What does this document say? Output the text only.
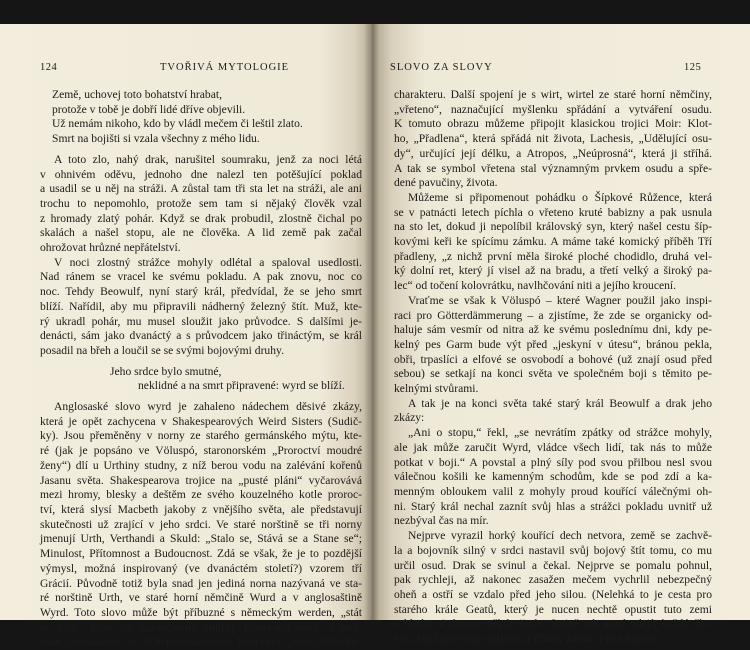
124	TVOŘIVÁ MYTOLOGIE
Země, uchovej toto bohatství hrabat,
protože v tobě je dobří lidé dříve objevili.
Už nemám nikoho, kdo by vládl mečem či leštil zlato.
Smrt na bojišti si vzala všechny z mého lidu.
A toto zlo, nahý drak, narušitel soumraku, jenž za noci létá
v ohnivém oděvu, jednoho dne nalezl ten potěšující poklad
a usadil se u něj na stráži. A zůstal tam tři sta let na stráži, ale ani
trochu to nepomohlo, protože sem tam si nějaký člověk vzal
z hromady zlatý pohár. Když se drak probudil, zlostně čichal po
skalách a našel stopu, ale ne člověka. A lid země pak začal
ohrožovat hrůzné nepřátelství.
V noci zlostný strážce mohyly odlétal a spaloval usedlosti.
Nad ránem se vracel ke svému pokladu. A pak znovu, noc co
noc. Tehdy Beowulf, nyní starý král, předvídal, že se jeho smrt
blíží. Nařídil, aby mu připravili nádherný železný štít. Muž, kte-
rý ukradl pohár, mu musel sloužit jako průvodce. S dalšími je-
denácti, sám jako dvanáctý a s průvodcem jako třináctým, se král
posadil na břeh a loučil se se svými bojovými druhy.
Jeho srdce bylo smutné,
neklidné a na smrt připravené: wyrd se blíží.
Anglosaské slovo wyrd je zahaleno nádechem děsivé zkázy,
která je opět zachycena v Shakespearových Weird Sisters (Sudič-
ky). Jsou přeměněny v norny ze starého germánského mýtu, kte-
ré (jak je popsáno ve Völuspó, staronorském „Proroctví moudré
ženy“) dlí u Urthiny studny, z níž berou vodu na zalévání kořenů
Jasanu světa. Shakespearova trojice na „pusté pláni“ vyčarovává
mezi hromy, blesky a deštěm ze svého kouzelného kotle proroc-
tví, která slysí Macbeth jakoby z vnějšího světa, ale představují
skutečnosti už zrající v jeho srdci. Ve staré norštině se tři norny
jmenují Urth, Verthandi a Skuld: „Stalo se, Stává se a Stane se“;
Minulost, Přítomnost a Budoucnost. Zdá se však, že je to pozdější
výmysl, možná inspirovaný (ve dvanáctém století?) vzorem tří
Grácií. Původně totiž byla snad jen jediná norna nazývaná ve sta-
ré norštině Urth, ve staré horní němčině Wurd a v anglosaštině
Wyrd. Toto slovo může být příbuzné s německým werden, „stát
se, růst“, které by naznačovalo vnitřní, inherentní osud, v pod-
statě srovnatelný se Schopenhauerovou koncepcí „inteligibilního“
SLOVO ZA SLOVY	125
charakteru. Další spojení je s wirt, wirtel ze staré horní němčiny,
„vřeteno“, naznačující myšlenku spřádání a vytváření osudu.
K tomuto obrazu můžeme připojit klasickou trojici Moir: Klot-
ho, „Přadlena“, která spřádá nit života, Lachesis, „Udělující osu-
dy“, určující její délku, a Atropos, „Neúprosná“, která ji stříhá.
A tak se symbol vřetena stal významným prvkem osudu a spře-
dené pavučiny, života.
Můžeme si připomenout pohádku o Šípkové Růžence, která
se v patnácti letech píchla o vřeteno kruté babizny a pak usnula
na sto let, dokud ji nepolíbil královský syn, který našel cestu šíp-
kovými keři ke spícímu zámku. A máme také komický příběh Tří
přadleny, „z nichž první měla široké ploché chodidlo, druhá vel-
ký dolní ret, který jí visel až na bradu, a třetí velký a široký pa-
lec“ od točení kolovrátku, navlhčování niti a jejího kroucení.
Vraťme se však k Völuspó – které Wagner použil jako inspi-
raci pro Götterdämmerung – a zjistíme, že zde se organicky od-
haluje sám vesmír od nitra až ke svému poslednímu dni, kdy pe-
kelný pes Garm bude výt před „jeskyní v útesu“, bránou pekla,
obři, trpaslíci a elfové se osvobodí a bohové (už znají osud před
sebou) se setkají na konci světa ve společném boji s těmito pe-
kelnými stvůrami.
A tak je na konci světa také starý král Beowulf a drak jeho
zkázy:
„Ani o stopu,“ řekl, „se nevrátím zpátky od strážce mohyly,
ale jak může zaručit Wyrd, vládce všech lidí, tak nás to může
potkat v boji.“ A povstal a plný síly pod svou přilbou nesl svou
válečnou košili ke kamenným schodům, kde se pod zdí a ka-
menným obloukem valil z mohyly proud kouřící válečnými oh-
ni. Starý král nechal zaznít svůj hlas a strážci pokladu uvnitř už
nezbýval čas na mír.
Nejprve vyrazil horký kouřící dech netvora, země se zachvě-
la a bojovník silný v srdci nastavil svůj bojový štít tomu, co mu
určil osud. Drak se svinul a čekal. Nejprve se pomalu pohnul,
pak rychleji, až nakonec zasažen mečem vychrlil nebezpečný
oheň a ostří se vzdalo před jeho silou. (Nelehká to je cesta pro
starého krále Geatů, který je nucen nechtě opustit tuto zemi
a hledat si domov někde jinde. Stejně tak musí odejít každý člo-
věk, když jeho dny uplynou.) Znovu začali ti dva zápasit.
